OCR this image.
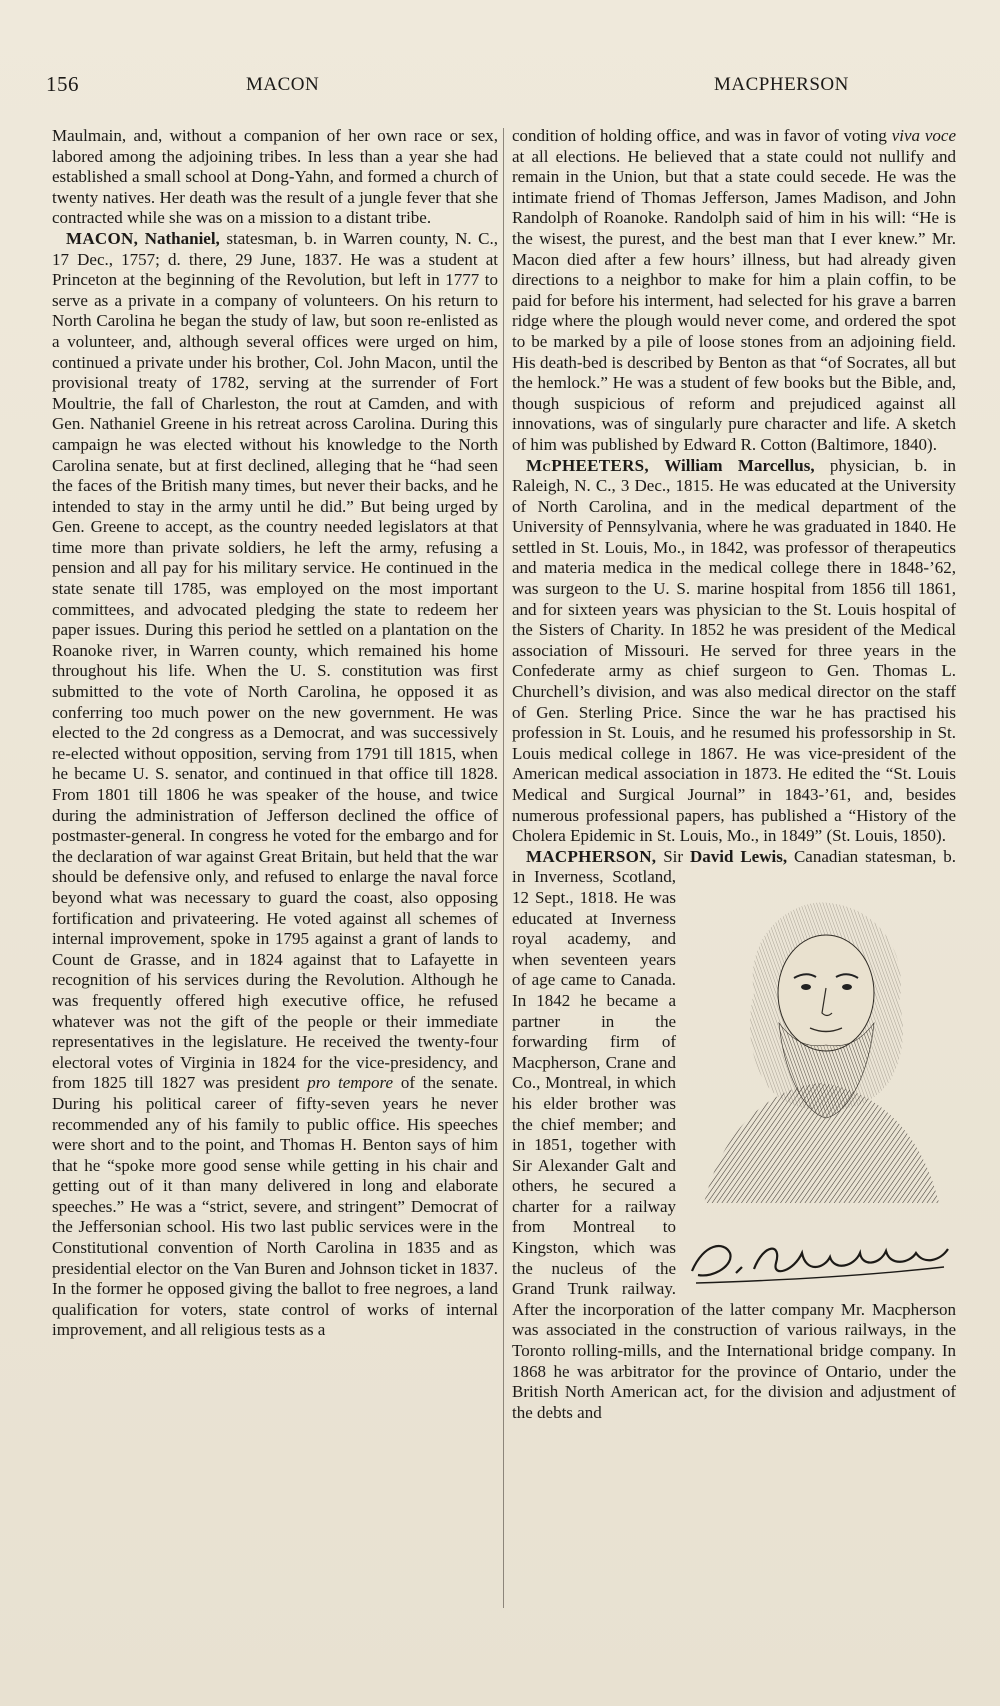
156	MACON	MACPHERSON

Maulmain, and, without a companion of her own race or sex, labored among the adjoining tribes. In less than a year she had established a small school at Dong-Yahn, and formed a church of twenty natives. Her death was the result of a jungle fever that she contracted while she was on a mission to a distant tribe.

MACON, Nathaniel, statesman, b. in Warren county, N. C., 17 Dec., 1757; d. there, 29 June, 1837. He was a student at Princeton at the beginning of the Revolution, but left in 1777 to serve as a private in a company of volunteers. On his return to North Carolina he began the study of law, but soon re-enlisted as a volunteer, and, although several offices were urged on him, continued a private under his brother, Col. John Macon, until the provisional treaty of 1782, serving at the surrender of Fort Moultrie, the fall of Charleston, the rout at Camden, and with Gen. Nathaniel Greene in his retreat across Carolina. During this campaign he was elected without his knowledge to the North Carolina senate, but at first declined, alleging that he “had seen the faces of the British many times, but never their backs, and he intended to stay in the army until he did.” But being urged by Gen. Greene to accept, as the country needed legislators at that time more than private soldiers, he left the army, refusing a pension and all pay for his military service. He continued in the state senate till 1785, was employed on the most important committees, and advocated pledging the state to redeem her paper issues. During this period he settled on a plantation on the Roanoke river, in Warren county, which remained his home throughout his life. When the U. S. constitution was first submitted to the vote of North Carolina, he opposed it as conferring too much power on the new government. He was elected to the 2d congress as a Democrat, and was successively re-elected without opposition, serving from 1791 till 1815, when he became U. S. senator, and continued in that office till 1828. From 1801 till 1806 he was speaker of the house, and twice during the administration of Jefferson declined the office of postmaster-general. In congress he voted for the embargo and for the declaration of war against Great Britain, but held that the war should be defensive only, and refused to enlarge the naval force beyond what was necessary to guard the coast, also opposing fortification and privateering. He voted against all schemes of internal improvement, spoke in 1795 against a grant of lands to Count de Grasse, and in 1824 against that to Lafayette in recognition of his services during the Revolution. Although he was frequently offered high executive office, he refused whatever was not the gift of the people or their immediate representatives in the legislature. He received the twenty-four electoral votes of Virginia in 1824 for the vice-presidency, and from 1825 till 1827 was president pro tempore of the senate. During his political career of fifty-seven years he never recommended any of his family to public office. His speeches were short and to the point, and Thomas H. Benton says of him that he “spoke more good sense while getting in his chair and getting out of it than many delivered in long and elaborate speeches.” He was a “strict, severe, and stringent” Democrat of the Jeffersonian school. His two last public services were in the Constitutional convention of North Carolina in 1835 and as presidential elector on the Van Buren and Johnson ticket in 1837. In the former he opposed giving the ballot to free negroes, a land qualification for voters, state control of works of internal improvement, and all religious tests as a

condition of holding office, and was in favor of voting viva voce at all elections. He believed that a state could not nullify and remain in the Union, but that a state could secede. He was the intimate friend of Thomas Jefferson, James Madison, and John Randolph of Roanoke. Randolph said of him in his will: “He is the wisest, the purest, and the best man that I ever knew.” Mr. Macon died after a few hours’ illness, but had already given directions to a neighbor to make for him a plain coffin, to be paid for before his interment, had selected for his grave a barren ridge where the plough would never come, and ordered the spot to be marked by a pile of loose stones from an adjoining field. His death-bed is described by Benton as that “of Socrates, all but the hemlock.” He was a student of few books but the Bible, and, though suspicious of reform and prejudiced against all innovations, was of singularly pure character and life. A sketch of him was published by Edward R. Cotton (Baltimore, 1840).

McPHEETERS, William Marcellus, physician, b. in Raleigh, N. C., 3 Dec., 1815. He was educated at the University of North Carolina, and in the medical department of the University of Pennsylvania, where he was graduated in 1840. He settled in St. Louis, Mo., in 1842, was professor of therapeutics and materia medica in the medical college there in 1848-’62, was surgeon to the U. S. marine hospital from 1856 till 1861, and for sixteen years was physician to the St. Louis hospital of the Sisters of Charity. In 1852 he was president of the Medical association of Missouri. He served for three years in the Confederate army as chief surgeon to Gen. Thomas L. Churchell’s division, and was also medical director on the staff of Gen. Sterling Price. Since the war he has practised his profession in St. Louis, and he resumed his professorship in St. Louis medical college in 1867. He was vice-president of the American medical association in 1873. He edited the “St. Louis Medical and Surgical Journal” in 1843-’61, and, besides numerous professional papers, has published a “History of the Cholera Epidemic in St. Louis, Mo., in 1849” (St. Louis, 1850).

MACPHERSON, Sir David Lewis,
Canadian statesman, b. in Inverness, Scotland, 12 Sept., 1818. He was educated at Inverness royal academy, and when seventeen years of age came to Canada. In 1842 he became a partner in the forwarding firm of Macpherson, Crane and Co., Montreal, in which his elder brother was the chief member; and in 1851, together with Sir Alexander Galt and others, he secured a charter for a railway from Montreal to Kingston, which was the nucleus of the Grand Trunk railway. After the incorporation of the latter company Mr. Macpherson was associated in the construction of various railways, in the Toronto rolling-mills, and the International bridge company. In 1868 he was arbitrator for the province of Ontario, under the British North American act, for the division and adjustment of the debts and
